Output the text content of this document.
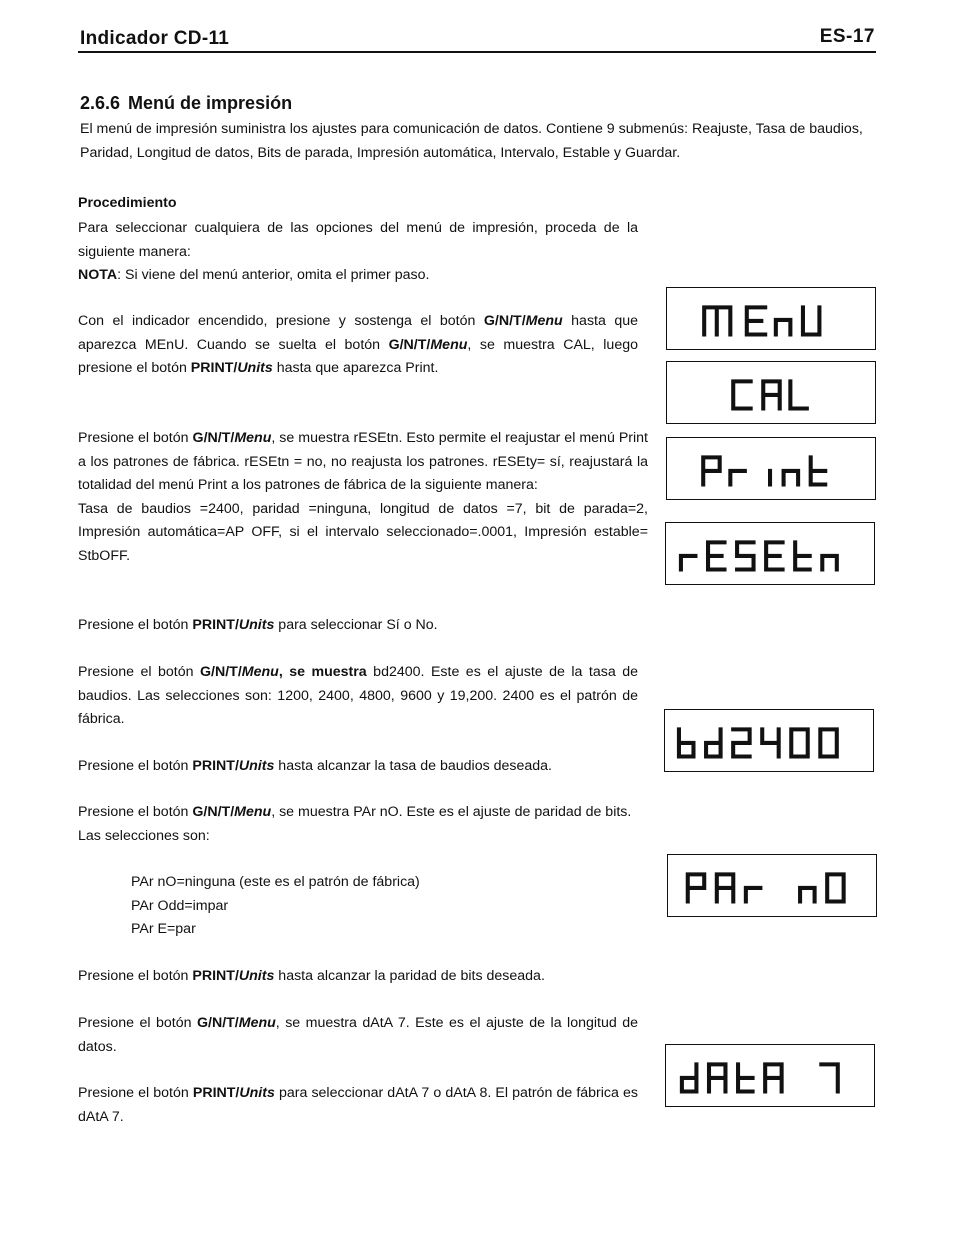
Indicador CD-11	ES-17
2.6.6 Menú de impresión

El menú de impresión suministra los ajustes para comunicación de datos. Contiene 9 submenús: Reajuste, Tasa de baudios, Paridad, Longitud de datos, Bits de parada, Impresión automática, Intervalo, Estable y Guardar.

Procedimiento

Para seleccionar cualquiera de las opciones del menú de impresión, proceda de la siguiente manera:

NOTA: Si viene del menú anterior, omita el primer paso.

Con el indicador encendido, presione y sostenga el botón G/N/T/Menu hasta que aparezca MEnU. Cuando se suelta el botón G/N/T/Menu, se muestra CAL, luego presione el botón PRINT/Units hasta que aparezca Print.

Presione el botón G/N/T/Menu, se muestra rESEtn. Esto permite el reajustar el menú Print a los patrones de fábrica. rESEtn = no, no reajusta los patrones. rESEty= sí, reajustará la totalidad del menú Print a los patrones de fábrica de la siguiente manera:
Tasa de baudios =2400, paridad =ninguna, longitud de datos =7, bit de parada=2, Impresión automática=AP OFF, si el intervalo seleccionado=.0001, Impresión estable= StbOFF.

Presione el botón PRINT/Units para seleccionar Sí o No.

Presione el botón G/N/T/Menu, se muestra bd2400. Este es el ajuste de la tasa de baudios. Las selecciones son: 1200, 2400, 4800, 9600 y 19,200. 2400 es el patrón de fábrica.

Presione el botón PRINT/Units hasta alcanzar la tasa de baudios deseada.

Presione el botón G/N/T/Menu, se muestra PAr nO. Este es el ajuste de paridad de bits.
Las selecciones son:

PAr nO=ninguna (este es el patrón de fábrica)

PAr Odd=impar

PAr E=par

Presione el botón PRINT/Units hasta alcanzar la paridad de bits deseada.

Presione el botón G/N/T/Menu, se muestra dAtA 7. Este es el ajuste de la longitud de datos.

Presione el botón PRINT/Units para seleccionar dAtA 7 o dAtA 8. El patrón de fábrica es dAtA 7.
